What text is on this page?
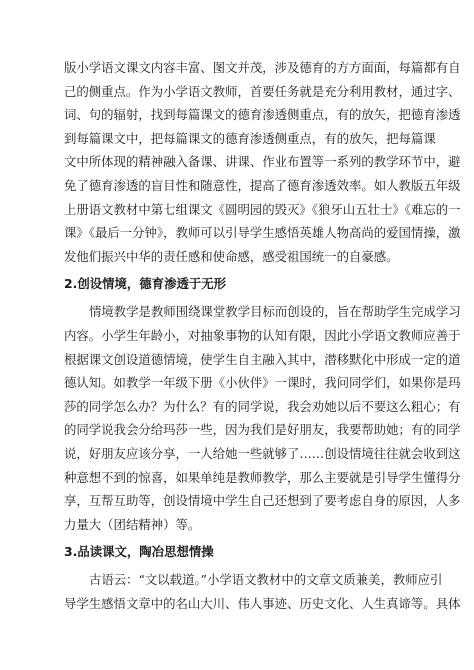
版小学语文课文内容丰富、图文并茂，涉及德育的方方面面，每篇都有自
己的侧重点。作为小学语文教师，首要任务就是充分利用教材，通过字、
词、句的辐射，找到每篇课文的德育渗透侧重点，有的放矢，把德育渗透
到每篇课文中，把每篇课文的德育渗透侧重点，有的放矢，把每篇课
文中所体现的精神融入备课、讲课、作业布置等一系列的教学环节中，避
免了德育渗透的盲目性和随意性，提高了德育渗透效率。如人教版五年级
上册语文教材中第七组课文《圆明园的毁灭》《狼牙山五壮士》《难忘的一
课》《最后一分钟》，教师可以引导学生感悟英雄人物高尚的爱国情操，激
发他们振兴中华的责任感和使命感，感受祖国统一的自豪感。
2.创设情境，德育渗透于无形
情境教学是教师围绕课堂教学目标而创设的，旨在帮助学生完成学习
内容。小学生年龄小，对抽象事物的认知有限，因此小学语文教师应善于
根据课文创设道德情境，使学生自主融入其中，潜移默化中形成一定的道
德认知。如教学一年级下册《小伙伴》一课时，我问同学们，如果你是玛
莎的同学怎么办？为什么？有的同学说，我会劝她以后不要这么粗心；有
的同学说我会分给玛莎一些，因为我们是好朋友，我要帮助她；有的同学
说，好朋友应该分享，一人给她一些就够了……创设情境往往就会收到这
种意想不到的惊喜，如果单纯是教师教学，那么主要就是引导学生懂得分
享，互帮互助等，创设情境中学生自己还想到了要考虑自身的原因，人多
力量大（团结精神）等。
3.品读课文，陶冶思想情操
古语云：“文以载道。”小学语文教材中的文章文质兼美，教师应引
导学生感悟文章中的名山大川、伟人事迹、历史文化、人生真谛等。具体
